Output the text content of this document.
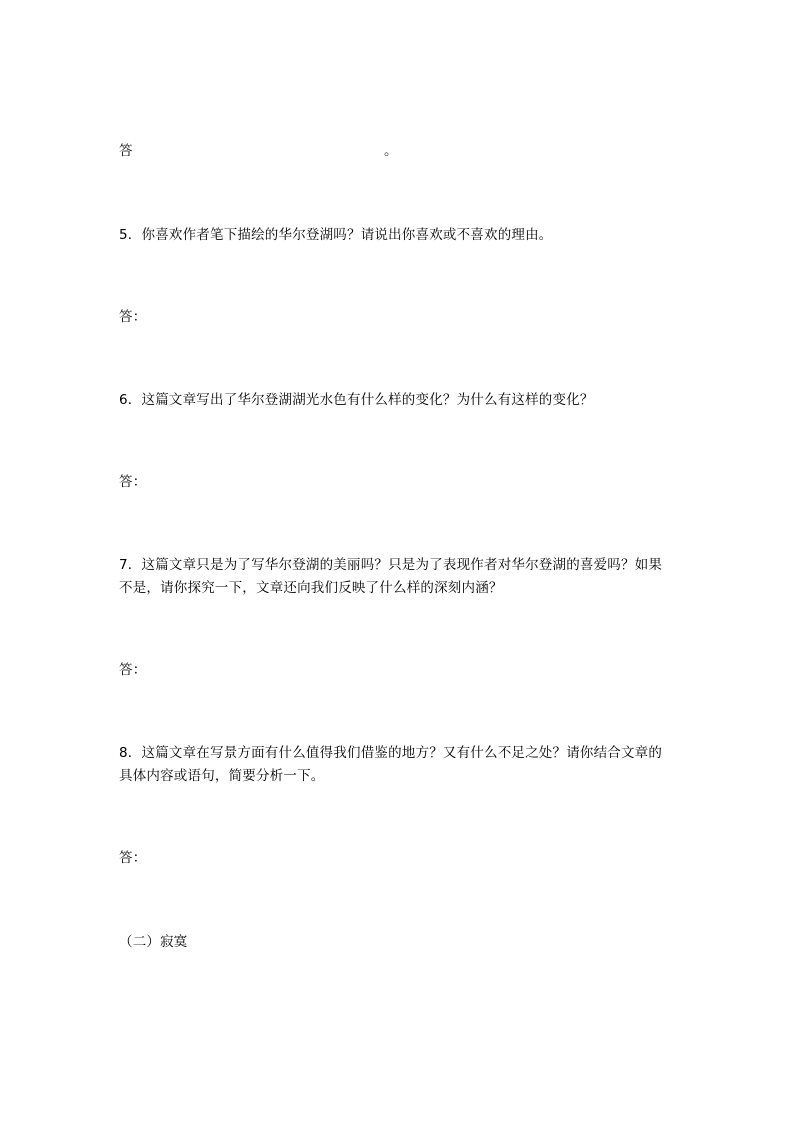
答	。
5．你喜欢作者笔下描绘的华尔登湖吗？请说出你喜欢或不喜欢的理由。
答：
6．这篇文章写出了华尔登湖湖光水色有什么样的变化？为什么有这样的变化？
答：
7．这篇文章只是为了写华尔登湖的美丽吗？只是为了表现作者对华尔登湖的喜爱吗？如果
不是，请你探究一下，文章还向我们反映了什么样的深刻内涵？
答：
8．这篇文章在写景方面有什么值得我们借鉴的地方？又有什么不足之处？请你结合文章的
具体内容或语句，简要分析一下。
答：
（二）寂寞
